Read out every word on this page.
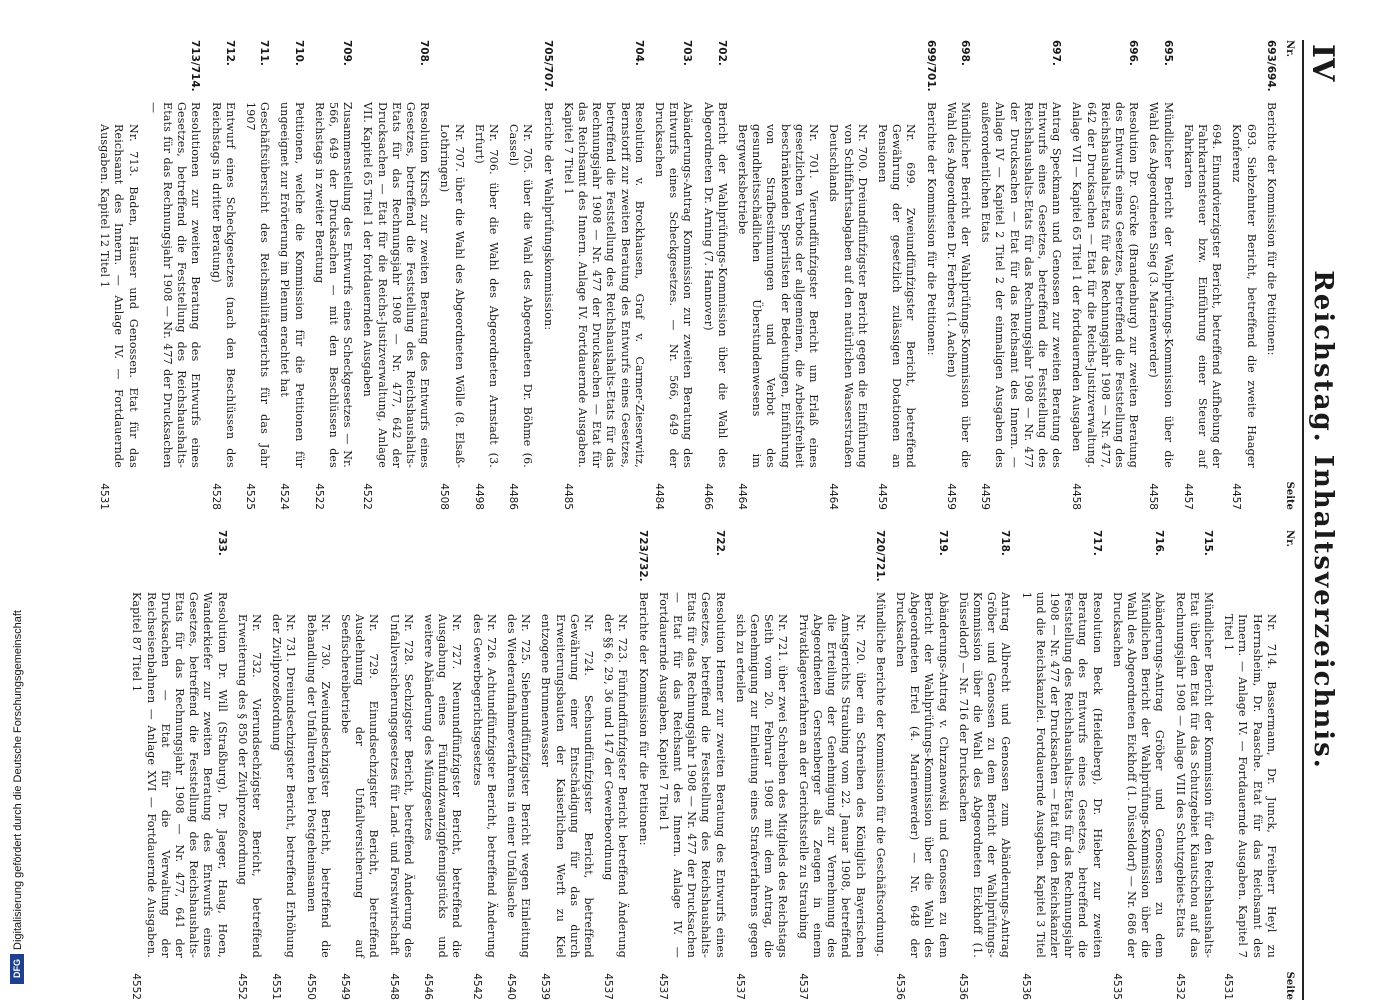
IV
Reichstag. Inhaltsverzeichnis.
Nr.
Seite
693/694.
Berichte der Kommission für die Petitionen:
693. Siebzehnter Bericht, betreffend die zweite Haager Konferenz
4457
694. Einundvierzigster Bericht, betreffend Aufhebung der Fahrkartensteuer bzw. Einführung einer Steuer auf Fahrkarten
4457
695.
Mündlicher Bericht der Wahlprüfungs-Kommission über die Wahl des Abgeordneten Sieg (3. Marienwerder)
4458
696.
Resolution Dr. Görcke (Brandenburg) zur zweiten Beratung des Entwurfs eines Gesetzes, betreffend die Feststellung des Reichshaushalts-Etats für das Rechnungsjahr 1908 — Nr. 477, 642 der Drucksachen — Etat für die Reichs-Justizverwaltung. Anlage VII — Kapitel 65 Titel 1 der fortdauernden Ausgaben
4458
697.
Antrag Speckmann und Genossen zur zweiten Beratung des Entwurfs eines Gesetzes, betreffend die Feststellung des Reichshaushalts-Etats für das Rechnungsjahr 1908 — Nr. 477 der Drucksachen — Etat für das Reichsamt des Innern. — Anlage IV — Kapitel 2 Titel 2 der einmaligen Ausgaben des außerordentlichen Etats
4459
698.
Mündlicher Bericht der Wahlprüfungs-Kommission über die Wahl des Abgeordneten Dr. Ferbers (1. Aachen)
4459
699/701.
Berichte der Kommission für die Petitionen:
Nr. 699. Zweiundfünfzigster Bericht, betreffend Gewährung der gesetzlich zulässigen Dotationen an Pensionen
4459
Nr. 700. Dreiundfünfzigster Bericht gegen die Einführung von Schiffahrtsabgaben auf den natürlichen Wasserstraßen Deutschlands
4464
Nr. 701. Vierundfünfzigster Bericht um Erlaß eines gesetzlichen Verbots der allgemeinen, die Arbeitsfreiheit beschränkenden Sperrlisten der Bedeutungen, Einführung von Strafbestimmungen und Verbot des gesundheitsschädlichen Überstundenwesens im Bergwerksbetriebe
4464
702.
Bericht der Wahlprüfungs-Kommission über die Wahl des Abgeordneten Dr. Arning (7. Hannover)
4466
703.
Abänderungs-Antrag Kommission zur zweiten Beratung des Entwurfs eines Scheckgesetzes. — Nr. 566, 649 der Drucksachen
4484
704.
Resolution v. Brockhausen, Graf v. Carmer-Zieserwitz, Bernstorff zur zweiten Beratung des Entwurfs eines Gesetzes, betreffend die Feststellung des Reichshaushalts-Etats für das Rechnungsjahr 1908 — Nr. 477 der Drucksachen — Etat für das Reichsamt des Innern. Anlage IV. Fortdauernde Ausgaben. Kapitel 7 Titel 1
4485
705/707.
Berichte der Wahlprüfungskommission:
Nr. 705. über die Wahl des Abgeordneten Dr. Böhme (6. Cassel)
4486
Nr. 706. über die Wahl des Abgeordneten Arnstadt (3. Erfurt)
4498
Nr. 707. über die Wahl des Abgeordneten Wölle (8. Elsaß-Lothringen)
4508
708.
Resolution Kirsch zur zweiten Beratung des Entwurfs eines Gesetzes, betreffend die Feststellung des Reichshaushalts-Etats für das Rechnungsjahr 1908 — Nr. 477, 642 der Drucksachen — Etat für die Reichs-Justizverwaltung, Anlage VII. Kapitel 65 Titel 1 der fortdauernden Ausgaben
4522
709.
Zusammenstellung des Entwurfs eines Scheckgesetzes — Nr. 566, 649 der Drucksachen — mit den Beschlüssen des Reichstags in zweiter Beratung
4522
710.
Petitionen, welche die Kommission für die Petitionen für ungeeignet zur Erörterung im Plenum erachtet hat
4524
711.
Geschäftsübersicht des Reichsmilitärgerichts für das Jahr 1907
4525
712.
Entwurf eines Scheckgesetzes (nach den Beschlüssen des Reichstags in dritter Beratung)
4528
713/714.
Resolutionen zur zweiten Beratung des Entwurfs eines Gesetzes, betreffend die Feststellung des Reichshaushalts-Etats für das Rechnungsjahr 1908 — Nr. 477 der Drucksachen —
Nr. 713. Baden, Häuser und Genossen. Etat für das Reichsamt des Innern. — Anlage IV. — Fortdauernde Ausgaben. Kapitel 12 Titel 1
4531
Nr.
Seite
Nr. 714. Bassermann, Dr. Junck, Freiherr Heyl zu Herrnsheim, Dr. Paasche. Etat für das Reichsamt des Innern. — Anlage IV. — Fortdauernde Ausgaben. Kapitel 7 Titel 1
4531
715.
Mündlicher Bericht der Kommission für den Reichshaushalts-Etat über den Etat für das Schutzgebiet Kiautschou auf das Rechnungsjahr 1908 — Anlage VIII des Schutzgebiets-Etats
4532
716.
Abänderungs-Antrag Gröber und Genossen zu dem Mündlichen Bericht der Wahlprüfungs-Kommission über die Wahl des Abgeordneten Eickhoff (1. Düsseldorf) — Nr. 686 der Drucksachen
4535
717.
Resolution Beck (Heidelberg), Dr. Hieber zur zweiten Beratung des Entwurfs eines Gesetzes, betreffend die Feststellung des Reichshaushalts-Etats für das Rechnungsjahr 1908 — Nr. 477 der Drucksachen — Etat für den Reichskanzler und die Reichskanzlei. Fortdauernde Ausgaben. Kapitel 3 Titel 1
4536
718.
Antrag Albrecht und Genossen zum Abänderungs-Antrag Gröber und Genossen zu dem Bericht der Wahlprüfungs-Kommission über die Wahl des Abgeordneten Eickhoff (1. Düsseldorf) — Nr. 716 der Drucksachen
4536
719.
Abänderungs-Antrag v. Chrzanowski und Genossen zu dem Bericht der Wahlprüfungs-Kommission über die Wahl des Abgeordneten Ertel (4. Marienwerder) — Nr. 648 der Drucksachen
4536
720/721.
Mündliche Berichte der Kommission für die Geschäftsordnung.
Nr. 720. über ein Schreiben des Königlich Bayerischen Amtsgerichts Straubing vom 22. Januar 1908, betreffend die Erteilung der Genehmigung zur Vernehmung des Abgeordneten Gerstenberger als Zeugen in einem Privatklageverfahren an der Gerichtsstelle zu Straubing
4537
Nr. 721. über zwei Schreiben des Mitglieds des Reichstags Seith vom 20. Februar 1908 mit dem Antrag, die Genehmigung zur Einleitung eines Strafverfahrens gegen sich zu erteilen
4537
722.
Resolution Henner zur zweiten Beratung des Entwurfs eines Gesetzes, betreffend die Feststellung des Reichshaushalts-Etats für das Rechnungsjahr 1908 — Nr. 477 der Drucksachen — Etat für das Reichsamt des Innern. Anlage IV. — Fortdauernde Ausgaben. Kapitel 7 Titel 1
4537
723/732.
Berichte der Kommission für die Petitionen:
Nr. 723. Fünfundfünfzigster Bericht betreffend Änderung der §§ 6, 29, 36 und 147 der Gewerbeordnung
4537
Nr. 724. Sechsundfünfzigster Bericht, betreffend Gewährung einer Entschädigung für das durch Erweiterungsbauten der Kaiserlichen Werft zu Kiel entzogene Brunnenwasser
4539
Nr. 725. Siebenundfünfzigster Bericht wegen Einleitung des Wiederaufnahmeverfahrens in einer Unfallsache
4540
Nr. 726. Achtundfünfzigster Bericht, betreffend Änderung des Gewerbegerichtsgesetzes
4542
Nr. 727. Neunundfünfzigster Bericht, betreffend die Ausgabung eines Fünfundzwanzigpfennigstücks und weitere Abänderung des Münzgesetzes
4546
Nr. 728. Sechzigster Bericht, betreffend Änderung des Unfallversicherungsgesetzes für Land- und Forstwirtschaft
4548
Nr. 729. Einundsechzigster Bericht, betreffend Ausdehnung der Unfallversicherung auf Seefischereibetriebe
4549
Nr. 730. Zweiundsechzigster Bericht, betreffend die Behandlung der Unfallrenten bei Postgeheimsamen
4550
Nr. 731. Dreiundsechzigster Bericht, betreffend Erhöhung der Zivilprozeßordnung
4551
Nr. 732. Vierundsechzigster Bericht, betreffend Erweiterung des § 850 der Zivilprozeßordnung
4552
733.
Resolution Dr. Will (Straßburg), Dr. Jaeger, Haug, Hoen, Wanderkiefer zur zweiten Beratung des Entwurfs eines Gesetzes, betreffend die Feststellung des Reichshaushalts-Etats für das Rechnungsjahr 1908 — Nr. 477, 641 der Drucksachen — Etat für die Verwaltung der Reichseisenbahnen — Anlage XVI — Fortdauernde Ausgaben. Kapitel 87 Titel 1
4552
Digitalisierung gefördert durch die Deutsche Forschungsgemeinschaft
DFG
